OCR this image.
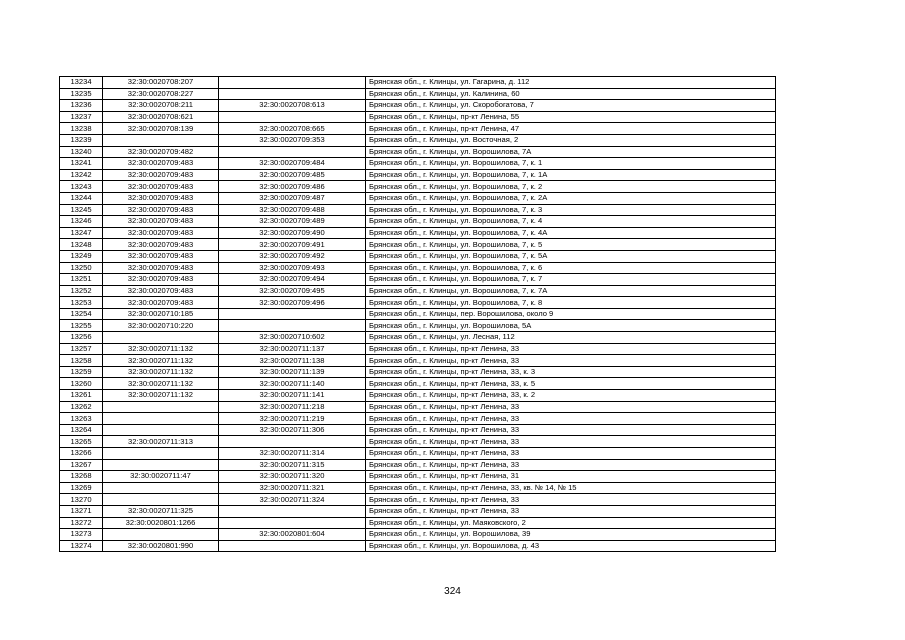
13234	32:30:0020708:207		Брянская обл., г. Клинцы, ул. Гагарина, д. 112
13235	32:30:0020708:227		Брянская обл., г. Клинцы, ул. Калинина, 60
13236	32:30:0020708:211	32:30:0020708:613	Брянская обл., г. Клинцы, ул. Скоробогатова, 7
13237	32:30:0020708:621		Брянская обл., г. Клинцы, пр-кт Ленина, 55
13238	32:30:0020708:139	32:30:0020708:665	Брянская обл., г. Клинцы, пр-кт Ленина, 47
13239		32:30:0020709:353	Брянская обл., г. Клинцы, ул. Восточная, 2
13240	32:30:0020709:482		Брянская обл., г. Клинцы, ул. Ворошилова, 7А
13241	32:30:0020709:483	32:30:0020709:484	Брянская обл., г. Клинцы, ул. Ворошилова, 7, к. 1
13242	32:30:0020709:483	32:30:0020709:485	Брянская обл., г. Клинцы, ул. Ворошилова, 7, к. 1А
13243	32:30:0020709:483	32:30:0020709:486	Брянская обл., г. Клинцы, ул. Ворошилова, 7, к. 2
13244	32:30:0020709:483	32:30:0020709:487	Брянская обл., г. Клинцы, ул. Ворошилова, 7, к. 2А
13245	32:30:0020709:483	32:30:0020709:488	Брянская обл., г. Клинцы, ул. Ворошилова, 7, к. 3
13246	32:30:0020709:483	32:30:0020709:489	Брянская обл., г. Клинцы, ул. Ворошилова, 7, к. 4
13247	32:30:0020709:483	32:30:0020709:490	Брянская обл., г. Клинцы, ул. Ворошилова, 7, к. 4А
13248	32:30:0020709:483	32:30:0020709:491	Брянская обл., г. Клинцы, ул. Ворошилова, 7, к. 5
13249	32:30:0020709:483	32:30:0020709:492	Брянская обл., г. Клинцы, ул. Ворошилова, 7, к. 5А
13250	32:30:0020709:483	32:30:0020709:493	Брянская обл., г. Клинцы, ул. Ворошилова, 7, к. 6
13251	32:30:0020709:483	32:30:0020709:494	Брянская обл., г. Клинцы, ул. Ворошилова, 7, к. 7
13252	32:30:0020709:483	32:30:0020709:495	Брянская обл., г. Клинцы, ул. Ворошилова, 7, к. 7А
13253	32:30:0020709:483	32:30:0020709:496	Брянская обл., г. Клинцы, ул. Ворошилова, 7, к. 8
13254	32:30:0020710:185		Брянская обл., г. Клинцы, пер. Ворошилова, около 9
13255	32:30:0020710:220		Брянская обл., г. Клинцы, ул. Ворошилова, 5А
13256		32:30:0020710:602	Брянская обл., г. Клинцы, ул. Лесная, 112
13257	32:30:0020711:132	32:30:0020711:137	Брянская обл., г. Клинцы, пр-кт Ленина, 33
13258	32:30:0020711:132	32:30:0020711:138	Брянская обл., г. Клинцы, пр-кт Ленина, 33
13259	32:30:0020711:132	32:30:0020711:139	Брянская обл., г. Клинцы, пр-кт Ленина, 33, к. 3
13260	32:30:0020711:132	32:30:0020711:140	Брянская обл., г. Клинцы, пр-кт Ленина, 33, к. 5
13261	32:30:0020711:132	32:30:0020711:141	Брянская обл., г. Клинцы, пр-кт Ленина, 33, к. 2
13262		32:30:0020711:218	Брянская обл., г. Клинцы, пр-кт Ленина, 33
13263		32:30:0020711:219	Брянская обл., г. Клинцы, пр-кт Ленина, 33
13264		32:30:0020711:306	Брянская обл., г. Клинцы, пр-кт Ленина, 33
13265	32:30:0020711:313		Брянская обл., г. Клинцы, пр-кт Ленина, 33
13266		32:30:0020711:314	Брянская обл., г. Клинцы, пр-кт Ленина, 33
13267		32:30:0020711:315	Брянская обл., г. Клинцы, пр-кт Ленина, 33
13268	32:30:0020711:47	32:30:0020711:320	Брянская обл., г. Клинцы, пр-кт Ленина, 31
13269		32:30:0020711:321	Брянская обл., г. Клинцы, пр-кт Ленина, 33, кв. № 14, № 15
13270		32:30:0020711:324	Брянская обл., г. Клинцы, пр-кт Ленина, 33
13271	32:30:0020711:325		Брянская обл., г. Клинцы, пр-кт Ленина, 33
13272	32:30:0020801:1266		Брянская обл., г. Клинцы, ул. Маяковского, 2
13273		32:30:0020801:604	Брянская обл., г. Клинцы, ул. Ворошилова, 39
13274	32:30:0020801:990		Брянская обл., г. Клинцы, ул. Ворошилова, д. 43
324
